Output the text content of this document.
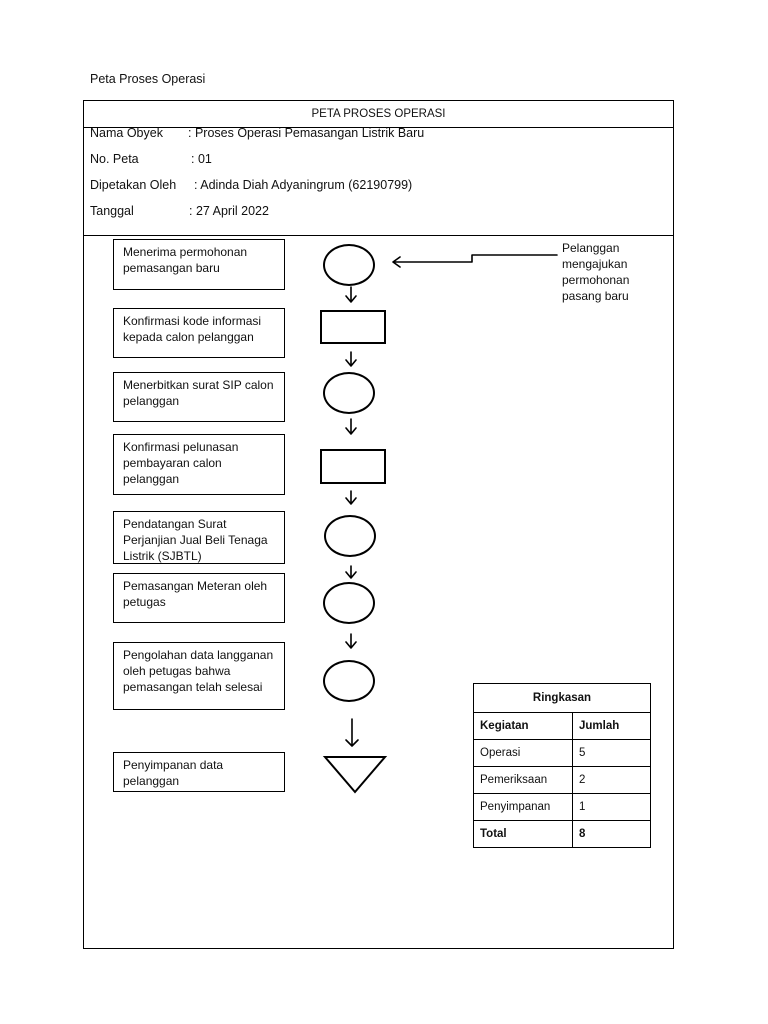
Peta Proses Operasi
PETA PROSES OPERASI
Nama Obyek	: Proses Operasi Pemasangan Listrik Baru
No. Peta	: 01
Dipetakan Oleh	: Adinda Diah Adyaningrum (62190799)
Tanggal	: 27 April 2022
Menerima permohonan pemasangan baru
Konfirmasi kode informasi kepada calon pelanggan
Menerbitkan surat SIP calon pelanggan
Konfirmasi pelunasan pembayaran calon pelanggan
Pendatangan Surat Perjanjian Jual Beli Tenaga Listrik (SJBTL)
Pemasangan Meteran oleh petugas
Pengolahan data langganan oleh petugas bahwa pemasangan telah selesai
Penyimpanan data pelanggan
Pelanggan mengajukan permohonan pasang baru
Ringkasan	
Kegiatan	Jumlah
Operasi	5
Pemeriksaan	2
Penyimpanan	1
Total	8
